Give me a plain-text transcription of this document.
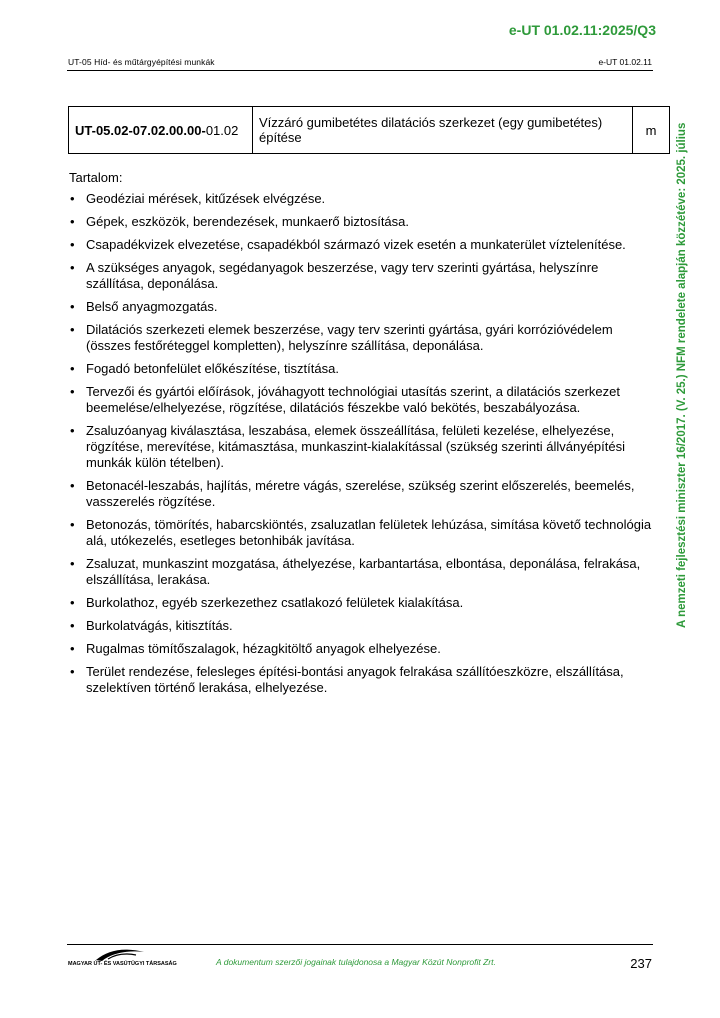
e-UT 01.02.11:2025/Q3
UT-05 Híd- és műtárgyépítési munkák	e-UT 01.02.11
UT-05.02-07.02.00.00-01.02	Vízzáró gumibetétes dilatációs szerkezet (egy gumibetétes) építése	m
Tartalom:
• Geodéziai mérések, kitűzések elvégzése.
• Gépek, eszközök, berendezések, munkaerő biztosítása.
• Csapadékvizek elvezetése, csapadékból származó vizek esetén a munkaterület víztelenítése.
• A szükséges anyagok, segédanyagok beszerzése, vagy terv szerinti gyártása, helyszínre szállítása, deponálása.
• Belső anyagmozgatás.
• Dilatációs szerkezeti elemek beszerzése, vagy terv szerinti gyártása, gyári korrózióvédelem (összes festőréteggel kompletten), helyszínre szállítása, deponálása.
• Fogadó betonfelület előkészítése, tisztítása.
• Tervezői és gyártói előírások, jóváhagyott technológiai utasítás szerint, a dilatációs szerkezet beemelése/elhelyezése, rögzítése, dilatációs fészekbe való bekötés, beszabályozása.
• Zsaluzóanyag kiválasztása, leszabása, elemek összeállítása, felületi kezelése, elhelyezése, rögzítése, merevítése, kitámasztása, munkaszint-kialakítással (szükség szerinti állványépítési munkák külön tételben).
• Betonacél-leszabás, hajlítás, méretre vágás, szerelése, szükség szerint előszerelés, beemelés, vasszerelés rögzítése.
• Betonozás, tömörítés, habarcskiöntés, zsaluzatlan felületek lehúzása, simítása követő technológia alá, utókezelés, esetleges betonhibák javítása.
• Zsaluzat, munkaszint mozgatása, áthelyezése, karbantartása, elbontása, deponálása, felrakása, elszállítása, lerakása.
• Burkolathoz, egyéb szerkezethez csatlakozó felületek kialakítása.
• Burkolatvágás, kitisztítás.
• Rugalmas tömítőszalagok, hézagkitöltő anyagok elhelyezése.
• Terület rendezése, felesleges építési-bontási anyagok felrakása szállítóeszközre, elszállítása, szelektíven történő lerakása, elhelyezése.
A nemzeti fejlesztési miniszter 16/2017. (V. 25.) NFM rendelete alapján közzétéve: 2025. július
MAGYAR ÚT- ÉS VASÚTÜGYI TÁRSASÁG	A dokumentum szerzői jogainak tulajdonosa a Magyar Közút Nonprofit Zrt.	237
